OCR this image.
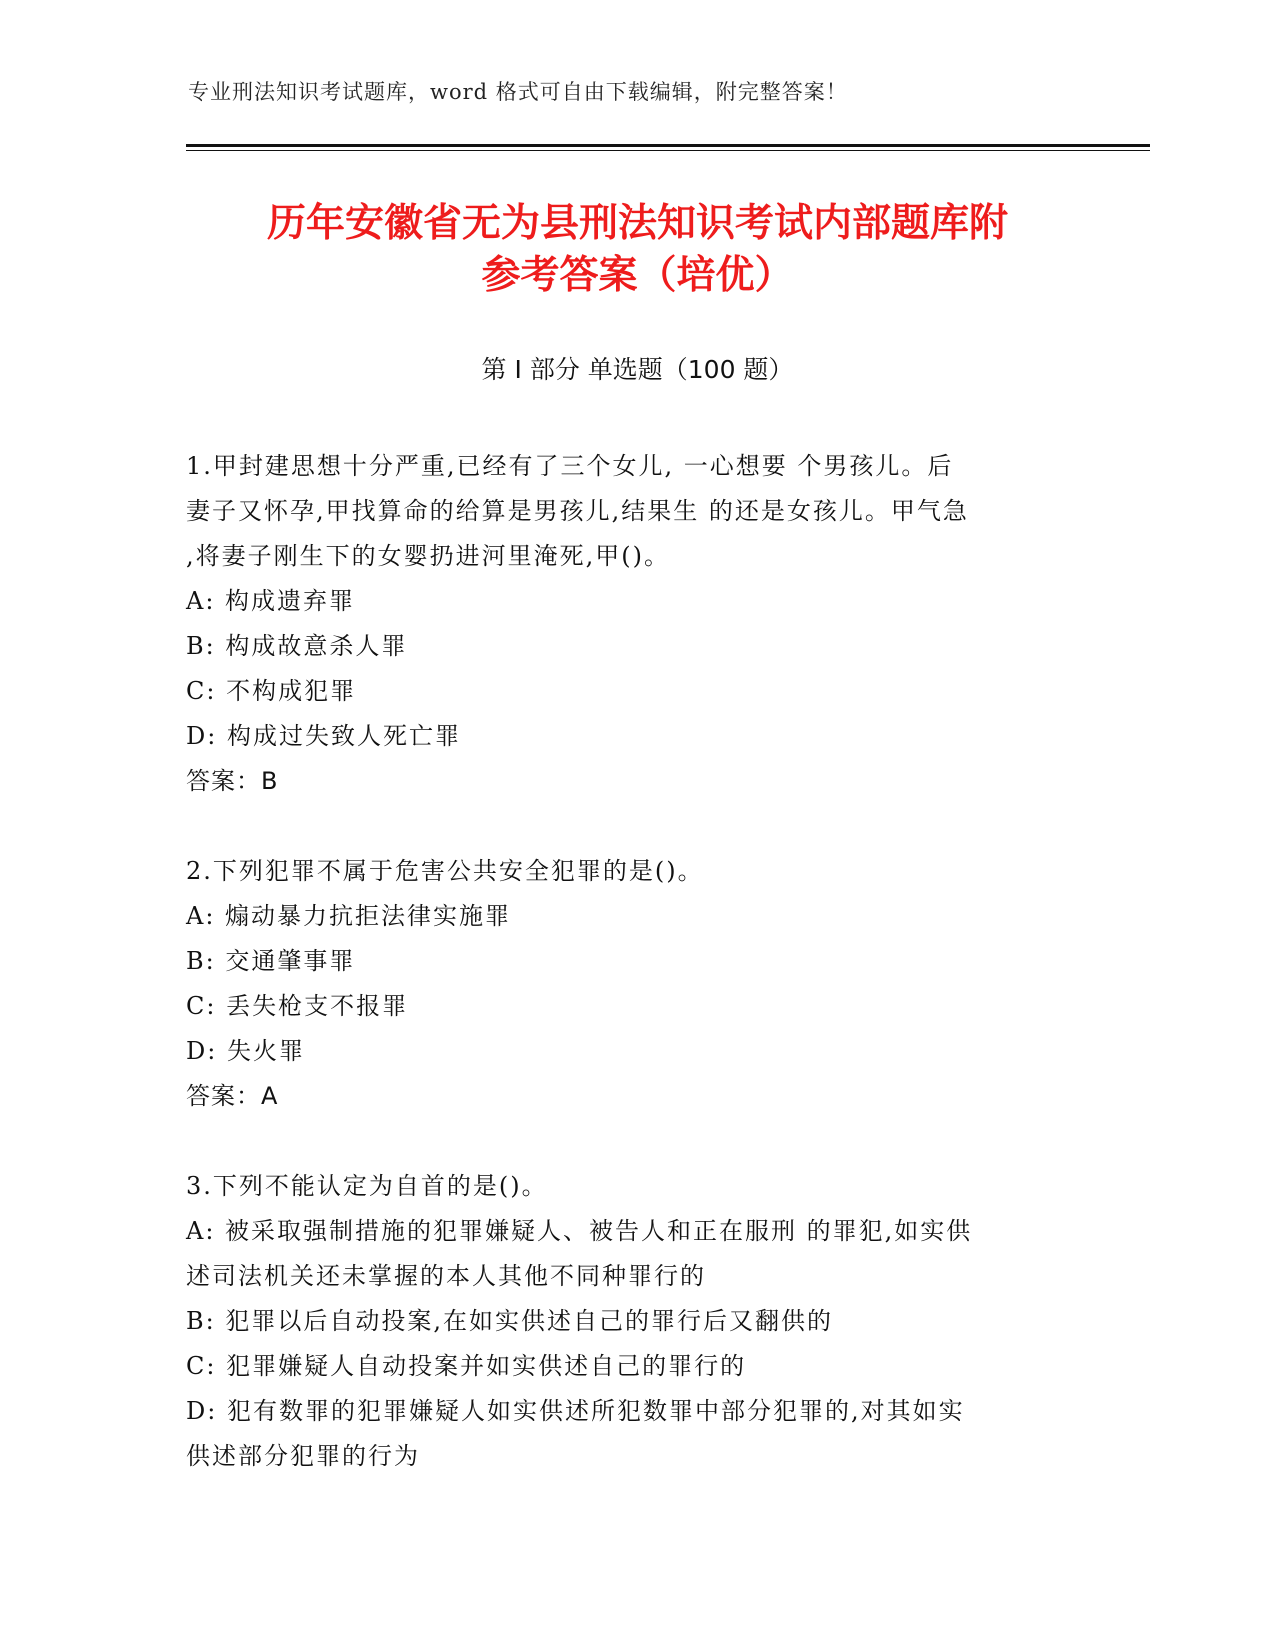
专业刑法知识考试题库，word 格式可自由下载编辑，附完整答案！
历年安徽省无为县刑法知识考试内部题库附
参考答案（培优）
第 I 部分 单选题（100 题）

1.甲封建思想十分严重,已经有了三个女儿, 一心想要 个男孩儿。后

妻子又怀孕,甲找算命的给算是男孩儿,结果生 的还是女孩儿。甲气急

,将妻子刚生下的女婴扔进河里淹死,甲()。

A: 构成遗弃罪

B: 构成故意杀人罪

C: 不构成犯罪

D: 构成过失致人死亡罪

答案：B

2.下列犯罪不属于危害公共安全犯罪的是()。

A: 煽动暴力抗拒法律实施罪

B: 交通肇事罪

C: 丢失枪支不报罪

D: 失火罪

答案：A

3.下列不能认定为自首的是()。

A: 被采取强制措施的犯罪嫌疑人、被告人和正在服刑 的罪犯,如实供

述司法机关还未掌握的本人其他不同种罪行的

B: 犯罪以后自动投案,在如实供述自己的罪行后又翻供的

C: 犯罪嫌疑人自动投案并如实供述自己的罪行的

D: 犯有数罪的犯罪嫌疑人如实供述所犯数罪中部分犯罪的,对其如实

供述部分犯罪的行为
